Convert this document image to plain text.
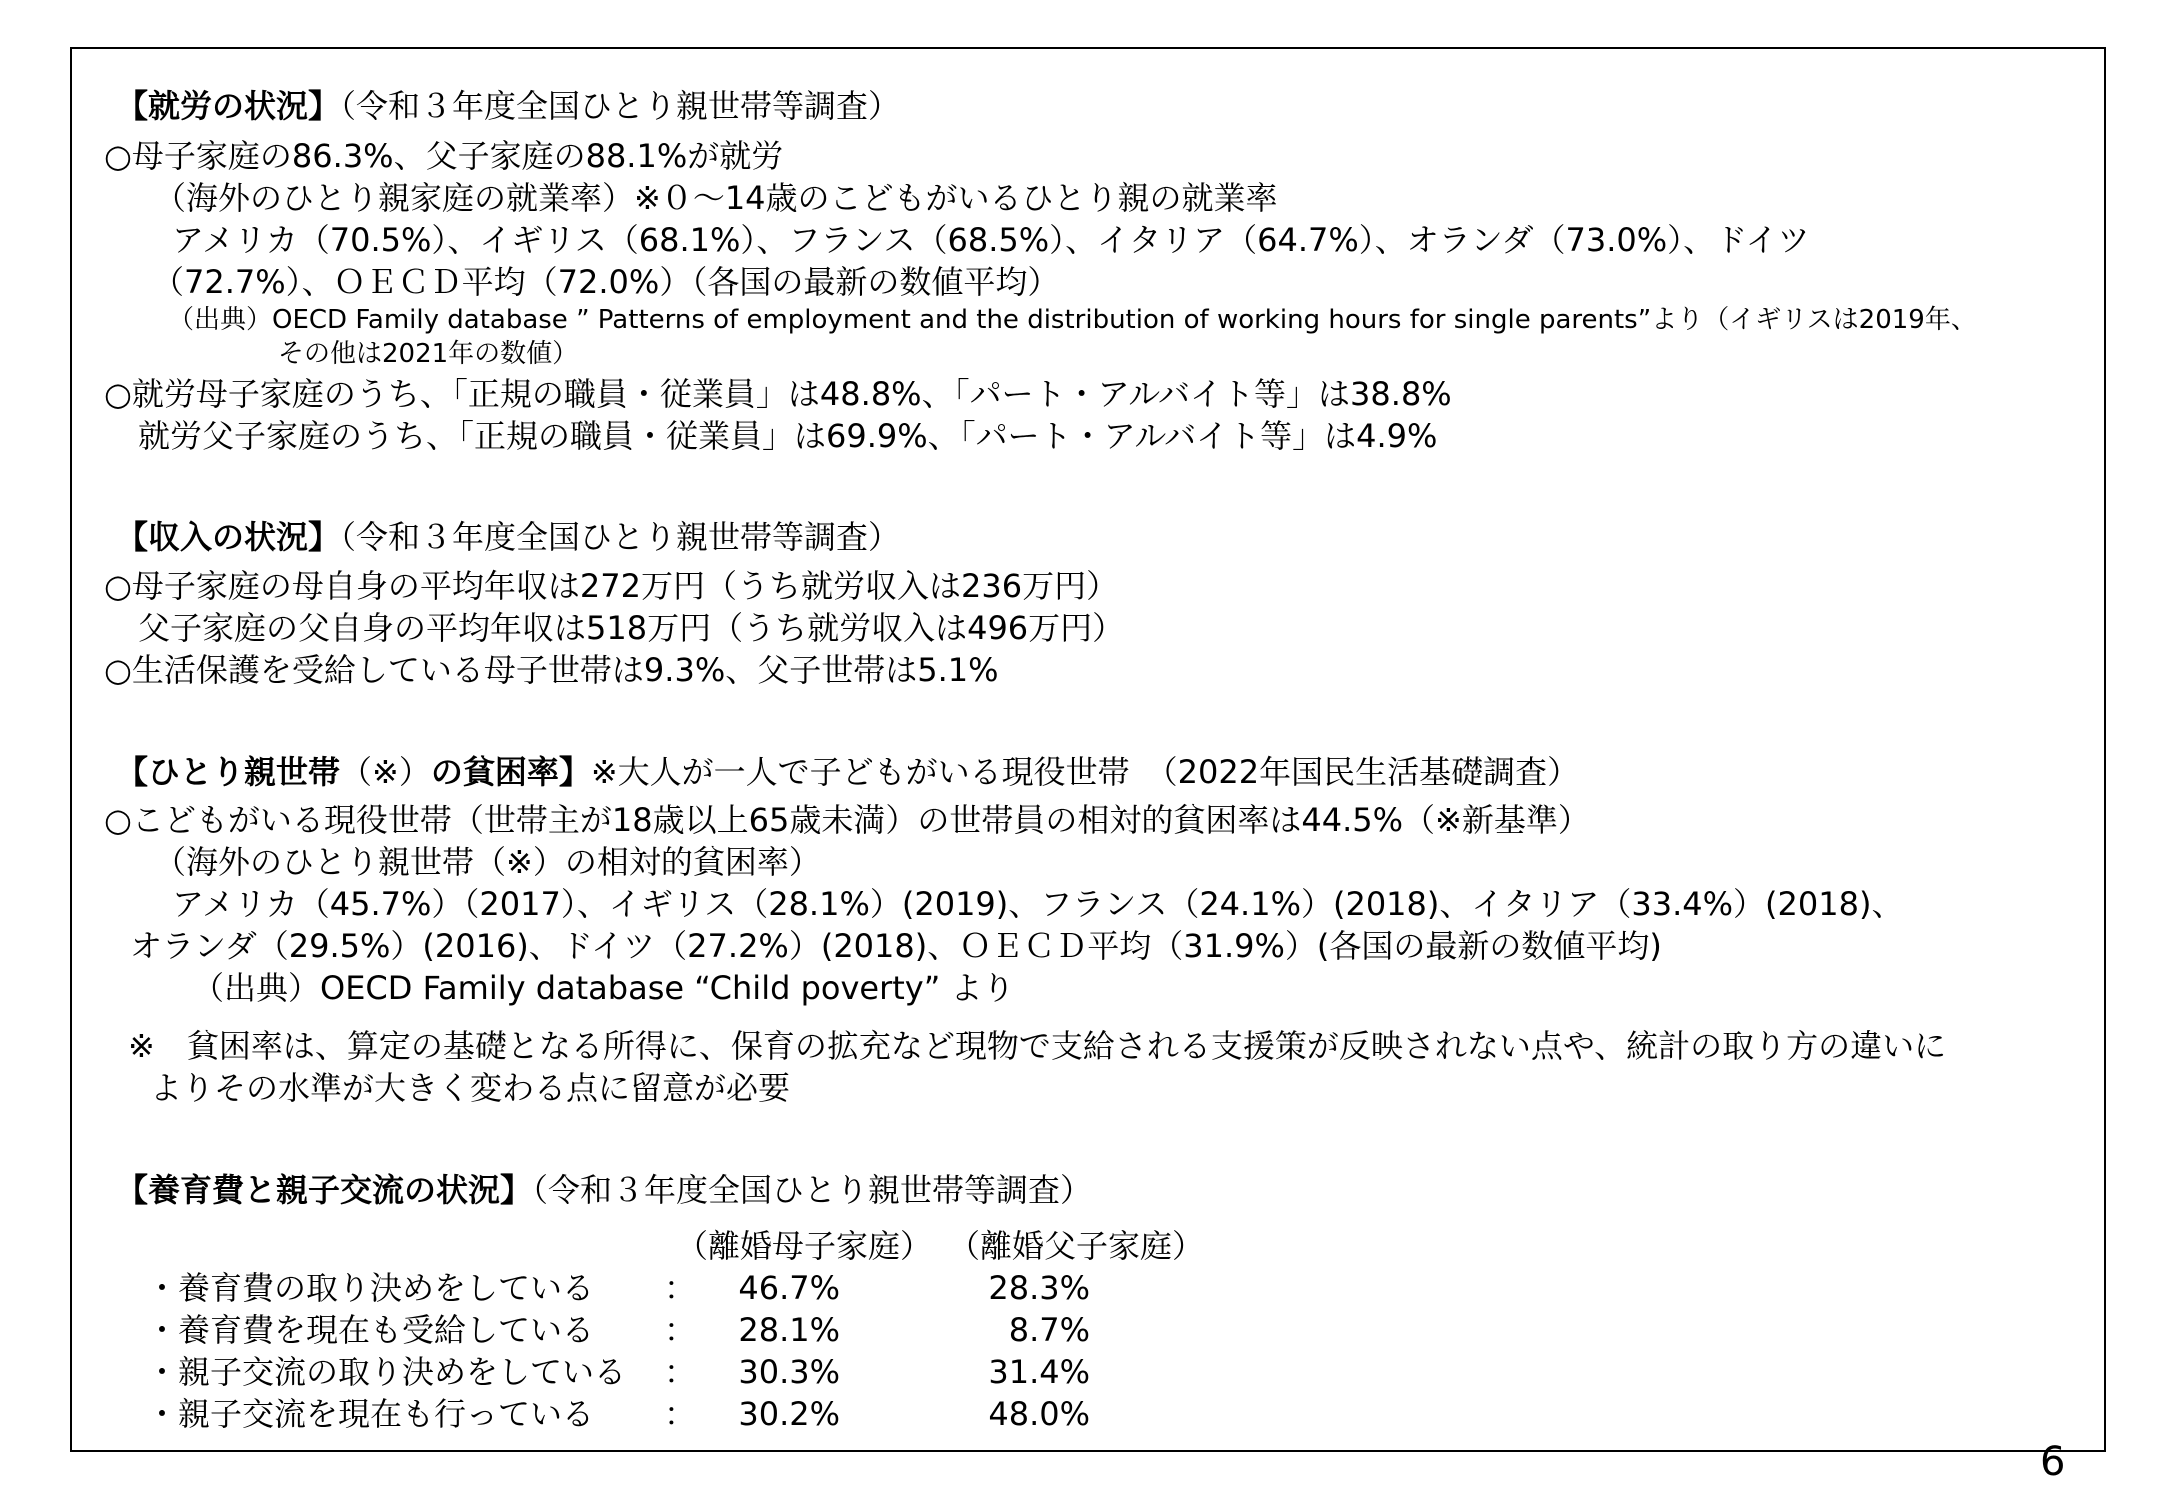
【就労の状況】（令和３年度全国ひとり親世帯等調査）
○母子家庭の86.3%、父子家庭の88.1%が就労
（海外のひとり親家庭の就業率）※０～14歳のこどもがいるひとり親の就業率
アメリカ（70.5%）、イギリス（68.1%）、フランス（68.5%）、イタリア（64.7%）、オランダ（73.0%）、ドイツ
（72.7%）、ＯＥＣＤ平均（72.0%）（各国の最新の数値平均）
（出典）OECD Family database ” Patterns of employment and the distribution of working hours for single parents”より（イギリスは2019年、
その他は2021年の数値）
○就労母子家庭のうち、「正規の職員・従業員」は48.8%、「パート・アルバイト等」は38.8%
就労父子家庭のうち、「正規の職員・従業員」は69.9%、「パート・アルバイト等」は4.9%
【収入の状況】（令和３年度全国ひとり親世帯等調査）
○母子家庭の母自身の平均年収は272万円（うち就労収入は236万円）
父子家庭の父自身の平均年収は518万円（うち就労収入は496万円）
○生活保護を受給している母子世帯は9.3%、父子世帯は5.1%
【ひとり親世帯（※）の貧困率】※大人が一人で子どもがいる現役世帯　（2022年国民生活基礎調査）
○こどもがいる現役世帯（世帯主が18歳以上65歳未満）の世帯員の相対的貧困率は44.5%（※新基準）
（海外のひとり親世帯（※）の相対的貧困率）
アメリカ（45.7%）（2017）、イギリス（28.1%）(2019)、フランス（24.1%）(2018)、イタリア（33.4%）(2018)、
オランダ（29.5%）(2016)、ドイツ（27.2%）(2018)、ＯＥＣＤ平均（31.9%）(各国の最新の数値平均)
（出典）OECD Family database “Child poverty” より
※　貧困率は、算定の基礎となる所得に、保育の拡充など現物で支給される支援策が反映されない点や、統計の取り方の違いに
よりその水準が大きく変わる点に留意が必要
【養育費と親子交流の状況】（令和３年度全国ひとり親世帯等調査）
（離婚母子家庭） （離婚父子家庭）
・養育費の取り決めをしている ：	46.7%	28.3%
・養育費を現在も受給している ：	28.1%	8.7%
・親子交流の取り決めをしている ：	30.3%	31.4%
・親子交流を現在も行っている ：	30.2%	48.0%
6
